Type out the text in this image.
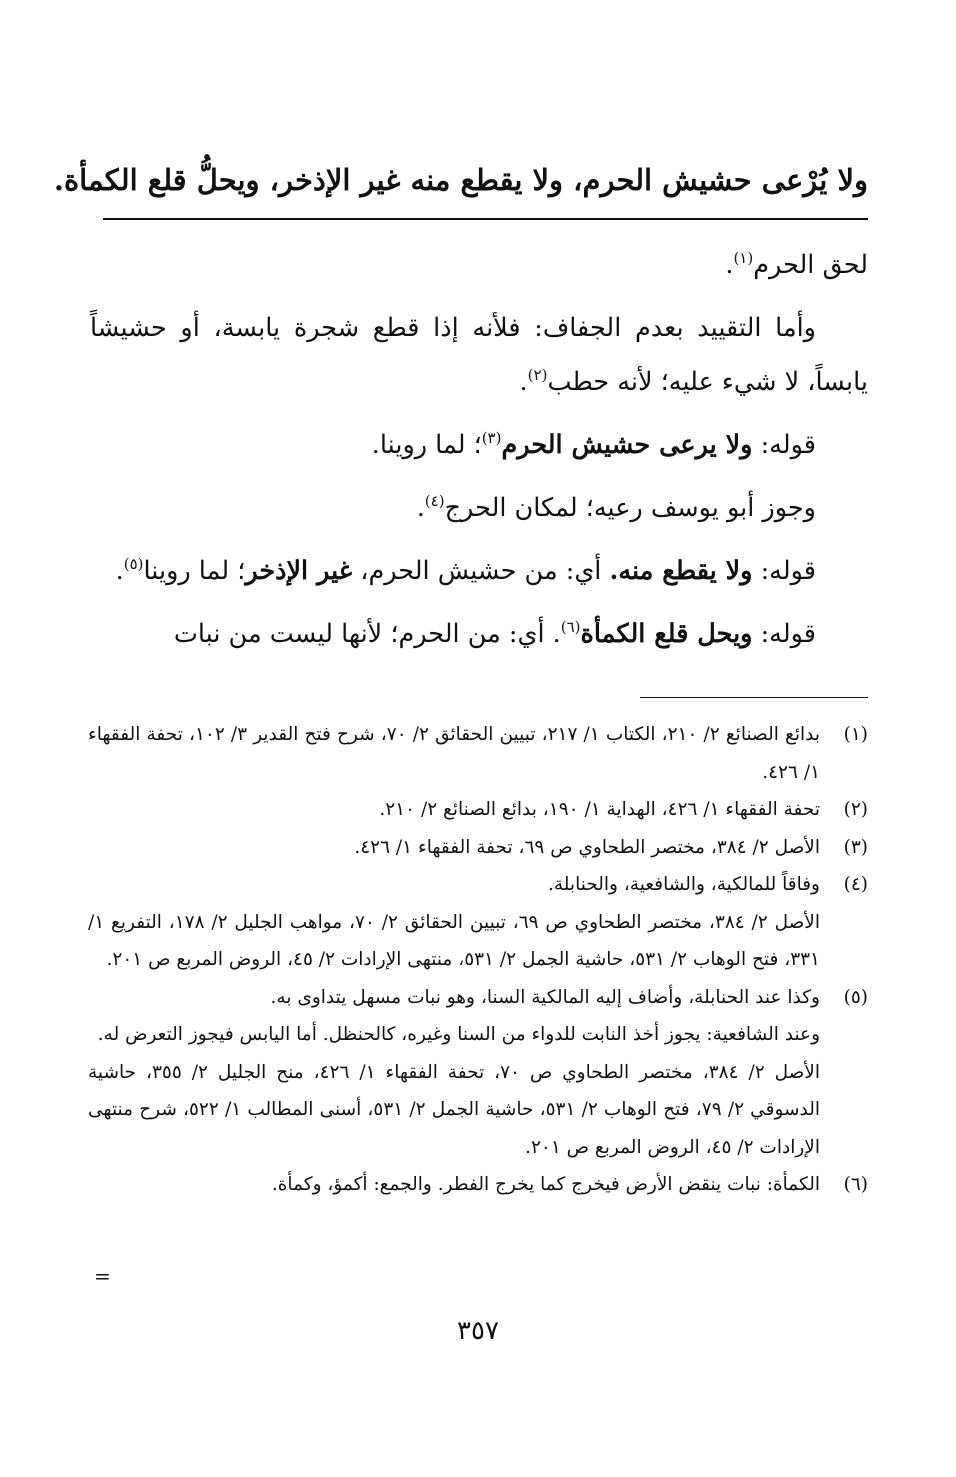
ولا يُرْعى حشيش الحرم، ولا يقطع منه غير الإذخر، ويحلُّ قلع الكمأة.

لحق الحرم$^{(١)}$.

وأما التقييد بعدم الجفاف: فلأنه إذا قطع شجرة يابسة، أو حشيشاً يابساً، لا شيء عليه؛ لأنه حطب$^{(٢)}$.

قوله: ولا يرعى حشيش الحرم$^{(٣)}$؛ لما روينا.

وجوز أبو يوسف رعيه؛ لمكان الحرج$^{(٤)}$.

قوله: ولا يقطع منه. أي: من حشيش الحرم، غير الإذخر؛ لما روينا$^{(٥)}$.

قوله: ويحل قلع الكمأة$^{(٦)}$. أي: من الحرم؛ لأنها ليست من نبات

(١)
بدائع الصنائع ٢/ ٢١٠، الكتاب ١/ ٢١٧، تبيين الحقائق ٢/ ٧٠، شرح فتح القدير ٣/ ١٠٢، تحفة الفقهاء ١/ ٤٢٦.
(٢)
تحفة الفقهاء ١/ ٤٢٦، الهداية ١/ ١٩٠، بدائع الصنائع ٢/ ٢١٠.
(٣)
الأصل ٢/ ٣٨٤، مختصر الطحاوي ص ٦٩، تحفة الفقهاء ١/ ٤٢٦.
(٤)
وفاقاً للمالكية، والشافعية، والحنابلة.
الأصل ٢/ ٣٨٤، مختصر الطحاوي ص ٦٩، تبيين الحقائق ٢/ ٧٠، مواهب الجليل ٢/ ١٧٨، التفريع ١/ ٣٣١، فتح الوهاب ٢/ ٥٣١، حاشية الجمل ٢/ ٥٣١، منتهى الإرادات ٢/ ٤٥، الروض المربع ص ٢٠١.
(٥)
وكذا عند الحنابلة، وأضاف إليه المالكية السنا، وهو نبات مسهل يتداوى به.
وعند الشافعية: يجوز أخذ النابت للدواء من السنا وغيره، كالحنظل. أما اليابس فيجوز التعرض له.
الأصل ٢/ ٣٨٤، مختصر الطحاوي ص ٧٠، تحفة الفقهاء ١/ ٤٢٦، منح الجليل ٢/ ٣٥٥، حاشية الدسوقي ٢/ ٧٩، فتح الوهاب ٢/ ٥٣١، حاشية الجمل ٢/ ٥٣١، أسنى المطالب ١/ ٥٢٢، شرح منتهى الإرادات ٢/ ٤٥، الروض المربع ص ٢٠١.
(٦)
الكمأة: نبات ينقض الأرض فيخرج كما يخرج الفطر. والجمع: أكمؤ، وكمأة.
=
٣٥٧
